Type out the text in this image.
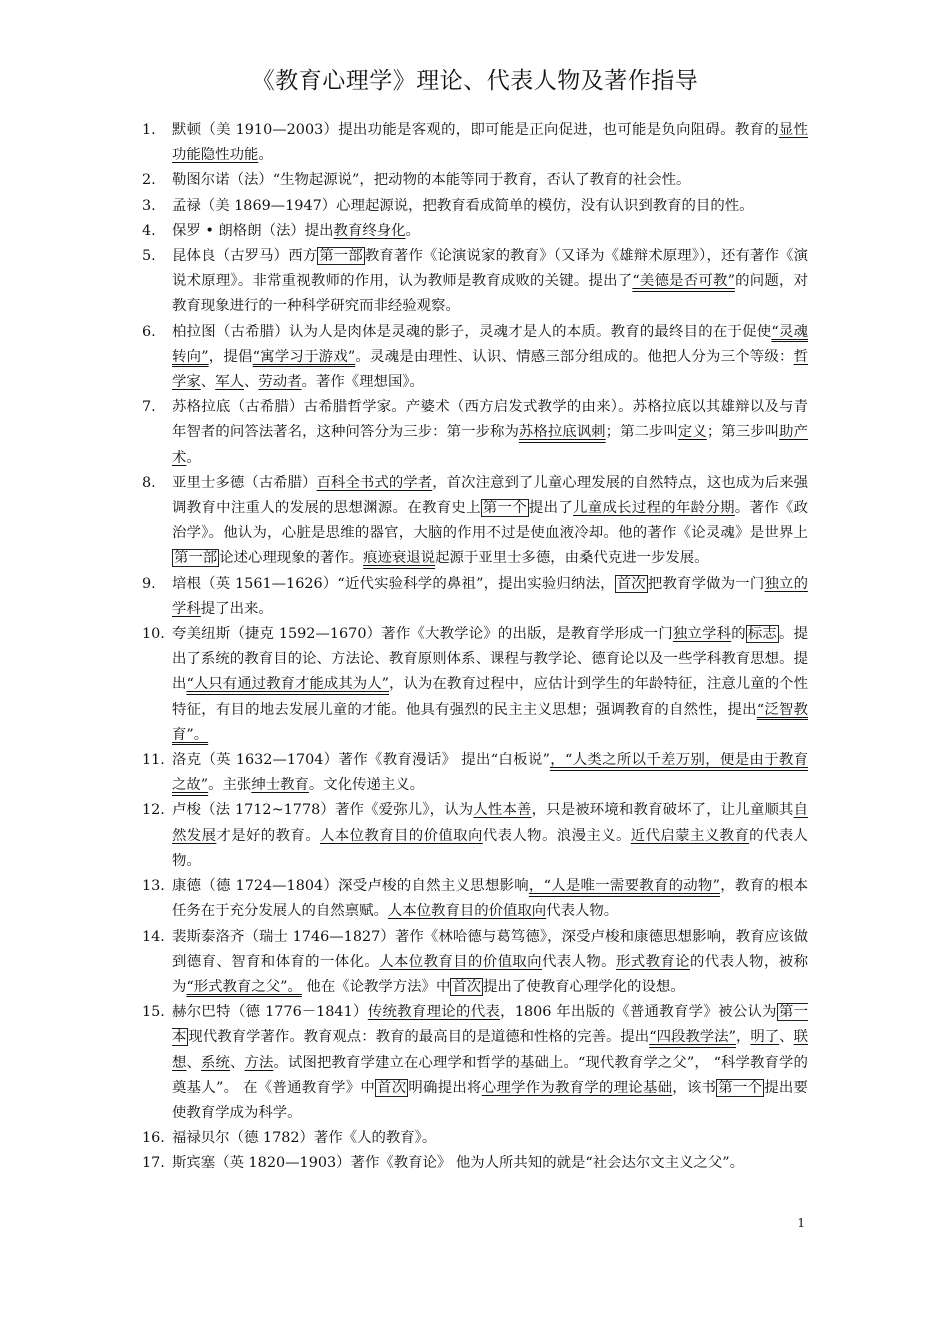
《教育心理学》理论、代表人物及著作指导
1.	默顿（美 1910—2003）提出功能是客观的，即可能是正向促进，也可能是负向阻碍。教育的显性功能隐性功能。
2.	勒图尔诺（法）“生物起源说”，把动物的本能等同于教育，否认了教育的社会性。
3.	孟禄（美 1869—1947）心理起源说，把教育看成简单的模仿，没有认识到教育的目的性。
4.	保罗 • 朗格朗（法）提出教育终身化。
5.	昆体良（古罗马）西方 第一部 教育著作《论演说家的教育》（又译为《雄辩术原理》），还有著作《演说术原理》。非常重视教师的作用，认为教师是教育成败的关键。提出了“美德是否可教”的问题，对教育现象进行的一种科学研究而非经验观察。
6.	柏拉图（古希腊）认为人是肉体是灵魂的影子，灵魂才是人的本质。教育的最终目的在于促使“灵魂转向”，提倡“寓学习于游戏”。灵魂是由理性、认识、情感三部分组成的。他把人分为三个等级：哲学家、军人、劳动者。著作《理想国》。
7.	苏格拉底（古希腊）古希腊哲学家。产婆术（西方启发式教学的由来）。苏格拉底以其雄辩以及与青年智者的问答法著名，这种问答分为三步：第一步称为苏格拉底讽刺；第二步叫定义；第三步叫助产术。
8.	亚里士多德（古希腊）百科全书式的学者，首次注意到了儿童心理发展的自然特点，这也成为后来强调教育中注重人的发展的思想渊源。在教育史上 第一个 提出了儿童成长过程的年龄分期。著作《政治学》。他认为，心脏是思维的器官，大脑的作用不过是使血液冷却。他的著作《论灵魂》是世界上第一部 论述心理现象的著作。痕迹衰退说起源于亚里士多德，由桑代克进一步发展。
9.	培根（英 1561—1626）“近代实验科学的鼻祖”，提出实验归纳法， 首次 把教育学做为一门独立的学科提了出来。
10. 夸美纽斯（捷克 1592—1670）著作《大教学论》的出版，是教育学形成一门独立学科的 标志 。提出了系统的教育目的论、方法论、教育原则体系、课程与教学论、德育论以及一些学科教育思想。提出“人只有通过教育才能成其为人”，认为在教育过程中，应估计到学生的年龄特征，注意儿童的个性特征，有目的地去发展儿童的才能。他具有强烈的民主主义思想；强调教育的自然性，提出“泛智教育”。
11. 洛克（英 1632—1704）著作《教育漫话》 提出“白板说”，“人类之所以千差万别，便是由于教育之故”。主张绅士教育。文化传递主义。
12. 卢梭（法 1712~1778）著作《爱弥儿》，认为人性本善，只是被环境和教育破坏了，让儿童顺其自然发展才是好的教育。人本位教育目的价值取向代表人物。浪漫主义。近代启蒙主义教育的代表人物。
13. 康德（德 1724—1804）深受卢梭的自然主义思想影响，“人是唯一需要教育的动物”，教育的根本任务在于充分发展人的自然禀赋。人本位教育目的价值取向代表人物。
14. 裴斯泰洛齐（瑞士 1746—1827）著作《林哈德与葛笃德》，深受卢梭和康德思想影响，教育应该做到德育、智育和体育的一体化。人本位教育目的价值取向代表人物。形式教育论的代表人物，被称为“形式教育之父”。 他在《论教学方法》中 首次 提出了使教育心理学化的设想。
15. 赫尔巴特（德 1776－1841）传统教育理论的代表，1806 年出版的《普通教育学》被公认为 第一本 现代教育学著作。教育观点：教育的最高目的是道德和性格的完善。提出“四段教学法”，明了、联想、系统、方法。试图把教育学建立在心理学和哲学的基础上。“现代教育学之父”， “科学教育学的奠基人”。 在《普通教育学》中 首次 明确提出将心理学作为教育学的理论基础，该书 第一个 提出要使教育学成为科学。
16. 福禄贝尔（德 1782）著作《人的教育》。
17. 斯宾塞（英 1820—1903）著作《教育论》 他为人所共知的就是“社会达尔文主义之父”。
1
